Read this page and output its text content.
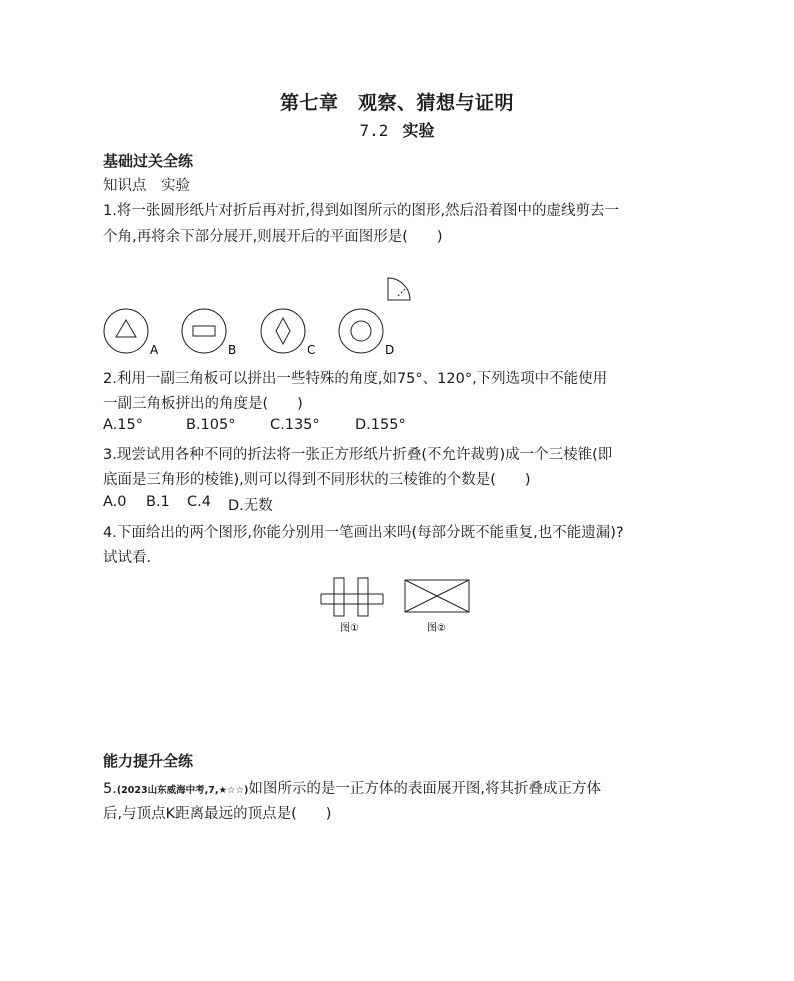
第七章　观察、猜想与证明
7.2 实验
基础过关全练
知识点　实验
1.将一张圆形纸片对折后再对折,得到如图所示的图形,然后沿着图中的虚线剪去一
个角,再将余下部分展开,则展开后的平面图形是(　　)
A	B	C	D
2.利用一副三角板可以拼出一些特殊的角度,如75°、120°,下列选项中不能使用
一副三角板拼出的角度是(　　)
A.15°	B.105° C.135° D.155°
3.现尝试用各种不同的折法将一张正方形纸片折叠(不允许裁剪)成一个三棱锥(即
底面是三角形的棱锥),则可以得到不同形状的三棱锥的个数是(　　)
A.0 B.1 C.4 D.无数
4.下面给出的两个图形,你能分别用一笔画出来吗(每部分既不能重复,也不能遗漏)?
试试看.
图①	图②
能力提升全练
5.(2023山东威海中考,7,★☆☆)如图所示的是一正方体的表面展开图,将其折叠成正方体
后,与顶点K距离最远的顶点是(　　)
